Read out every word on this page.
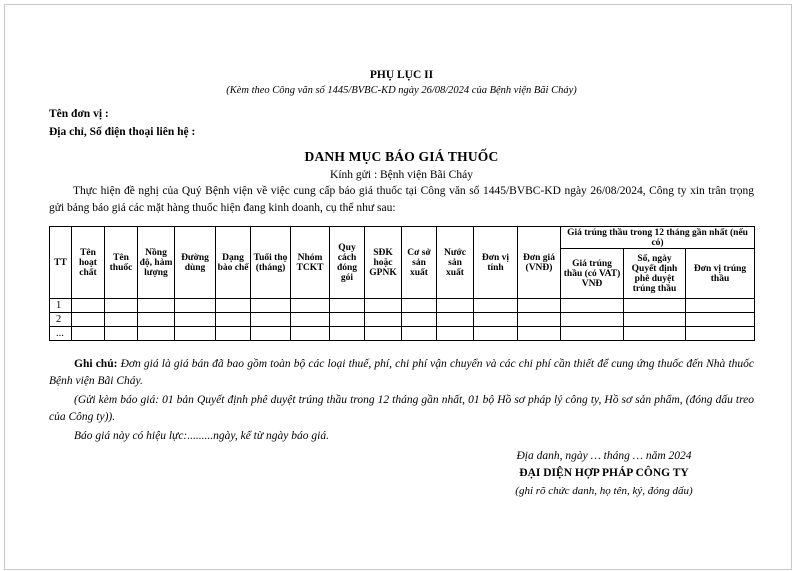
PHỤ LỤC II
(Kèm theo Công văn số 1445/BVBC-KD ngày 26/08/2024 của Bệnh viện Bãi Cháy)
Tên đơn vị :
Địa chỉ, Số điện thoại liên hệ :
DANH MỤC BÁO GIÁ THUỐC
Kính gửi : Bệnh viện Bãi Cháy
Thực hiện đề nghị của Quý Bệnh viện về việc cung cấp báo giá thuốc tại Công văn số 1445/BVBC-KD ngày 26/08/2024, Công ty xin trân trọng gửi bảng báo giá các mặt hàng thuốc hiện đang kinh doanh, cụ thể như sau:
TT	Tên hoạt chất	Tên thuốc	Nồng độ, hàm lượng	Đường dùng	Dạng bào chế	Tuổi thọ (tháng)	Nhóm TCKT	Quy cách đóng gói	SĐK hoặc GPNK	Cơ sở sản xuất	Nước sản xuất	Đơn vị tính	Đơn giá (VNĐ)	Giá trúng thầu trong 12 tháng gần nhất (nếu có)		
														Giá trúng thầu (có VAT) VNĐ	Số, ngày Quyết định phê duyệt trúng thầu	Đơn vị trúng thầu
1																
2																
...																
Ghi chú: Đơn giá là giá bán đã bao gồm toàn bộ các loại thuế, phí, chi phí vận chuyển và các chi phí cần thiết để cung ứng thuốc đến Nhà thuốc Bệnh viện Bãi Cháy.
(Gửi kèm báo giá: 01 bản Quyết định phê duyệt trúng thầu trong 12 tháng gần nhất, 01 bộ Hồ sơ pháp lý công ty, Hồ sơ sản phẩm, (đóng dấu treo của Công ty)).
Báo giá này có hiệu lực:.........ngày, kể từ ngày báo giá.
Địa danh, ngày … tháng … năm 2024
ĐẠI DIỆN HỢP PHÁP CÔNG TY
(ghi rõ chức danh, họ tên, ký, đóng dấu)
